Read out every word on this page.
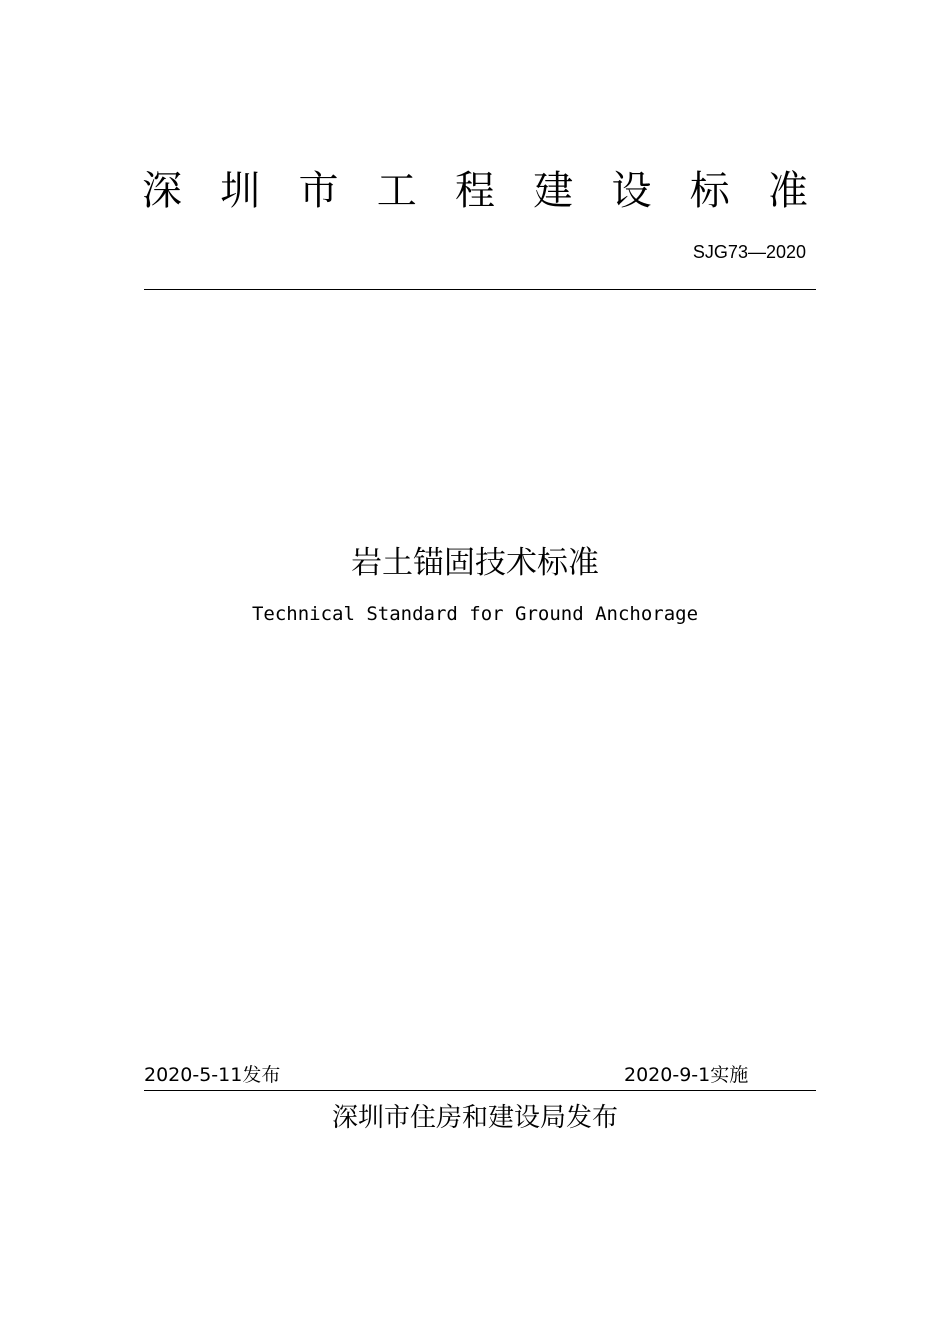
深 圳 市 工 程 建 设 标 准
SJG73—2020
岩土锚固技术标准
Technical Standard for Ground Anchorage
2020-5-11发布	2020-9-1实施
深圳市住房和建设局发布
